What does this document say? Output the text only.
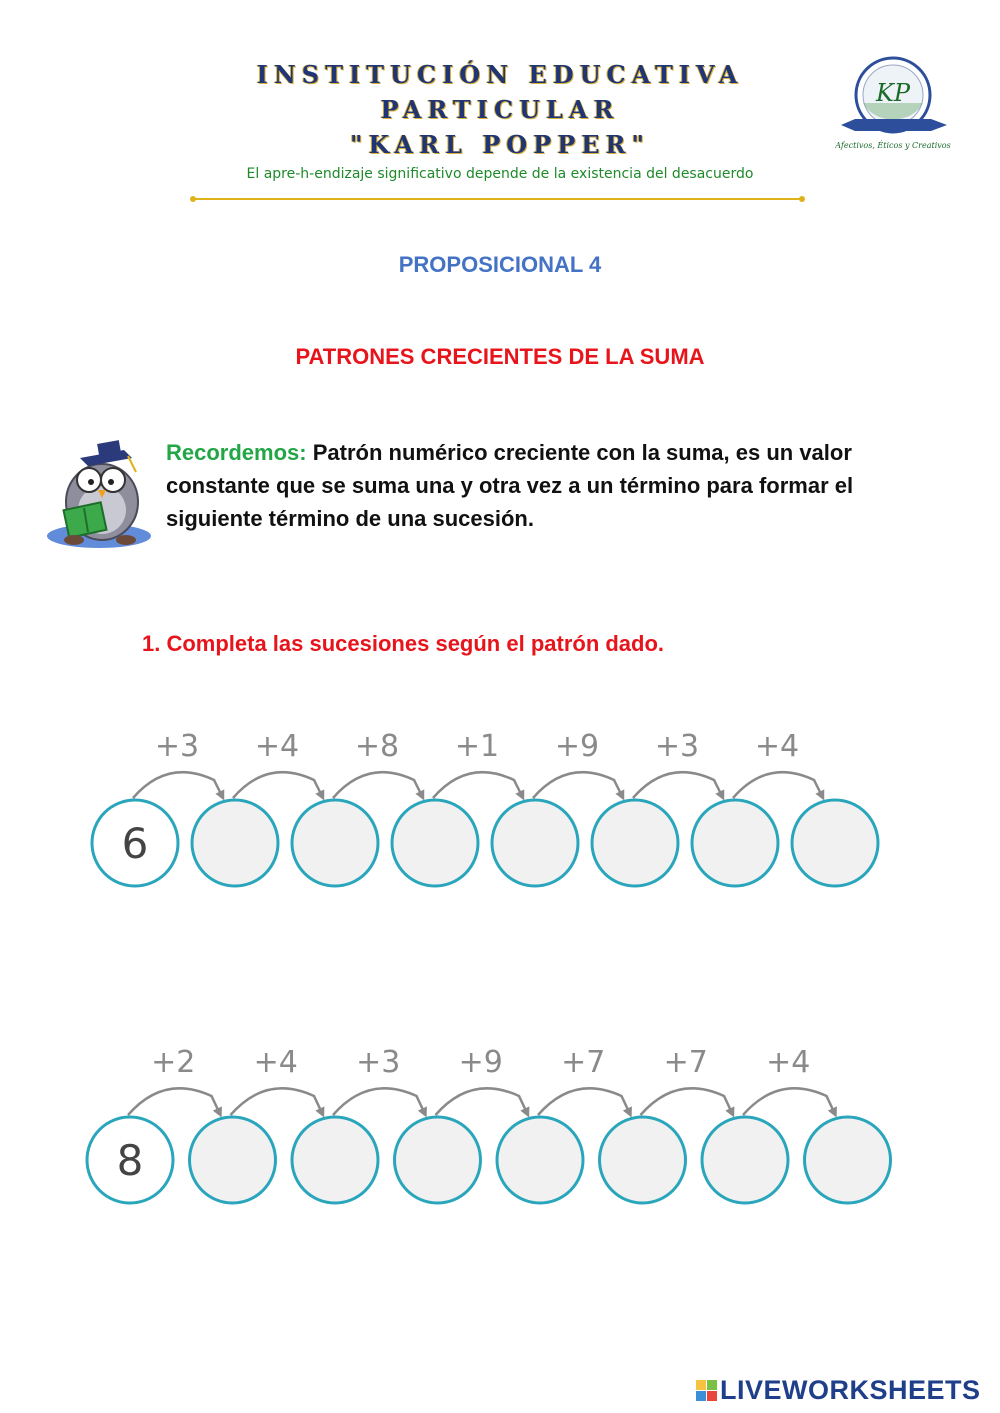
INSTITUCIÓN EDUCATIVA

PARTICULAR

"KARL POPPER"

El apre-h-endizaje significativo depende de la existencia del desacuerdo
KP
Afectivos, Éticos y Creativos
PROPOSICIONAL 4
PATRONES CRECIENTES DE LA SUMA
Recordemos: Patrón numérico creciente con la suma, es un valor constante que se suma una y otra vez a un término para formar el siguiente término de una sucesión.
1. Completa las sucesiones según el patrón dado.
+3 +4 +8 +1 +9 +3 +4
6
+2 +4 +3 +9 +7 +7 +4
8
LIVEWORKSHEETS
